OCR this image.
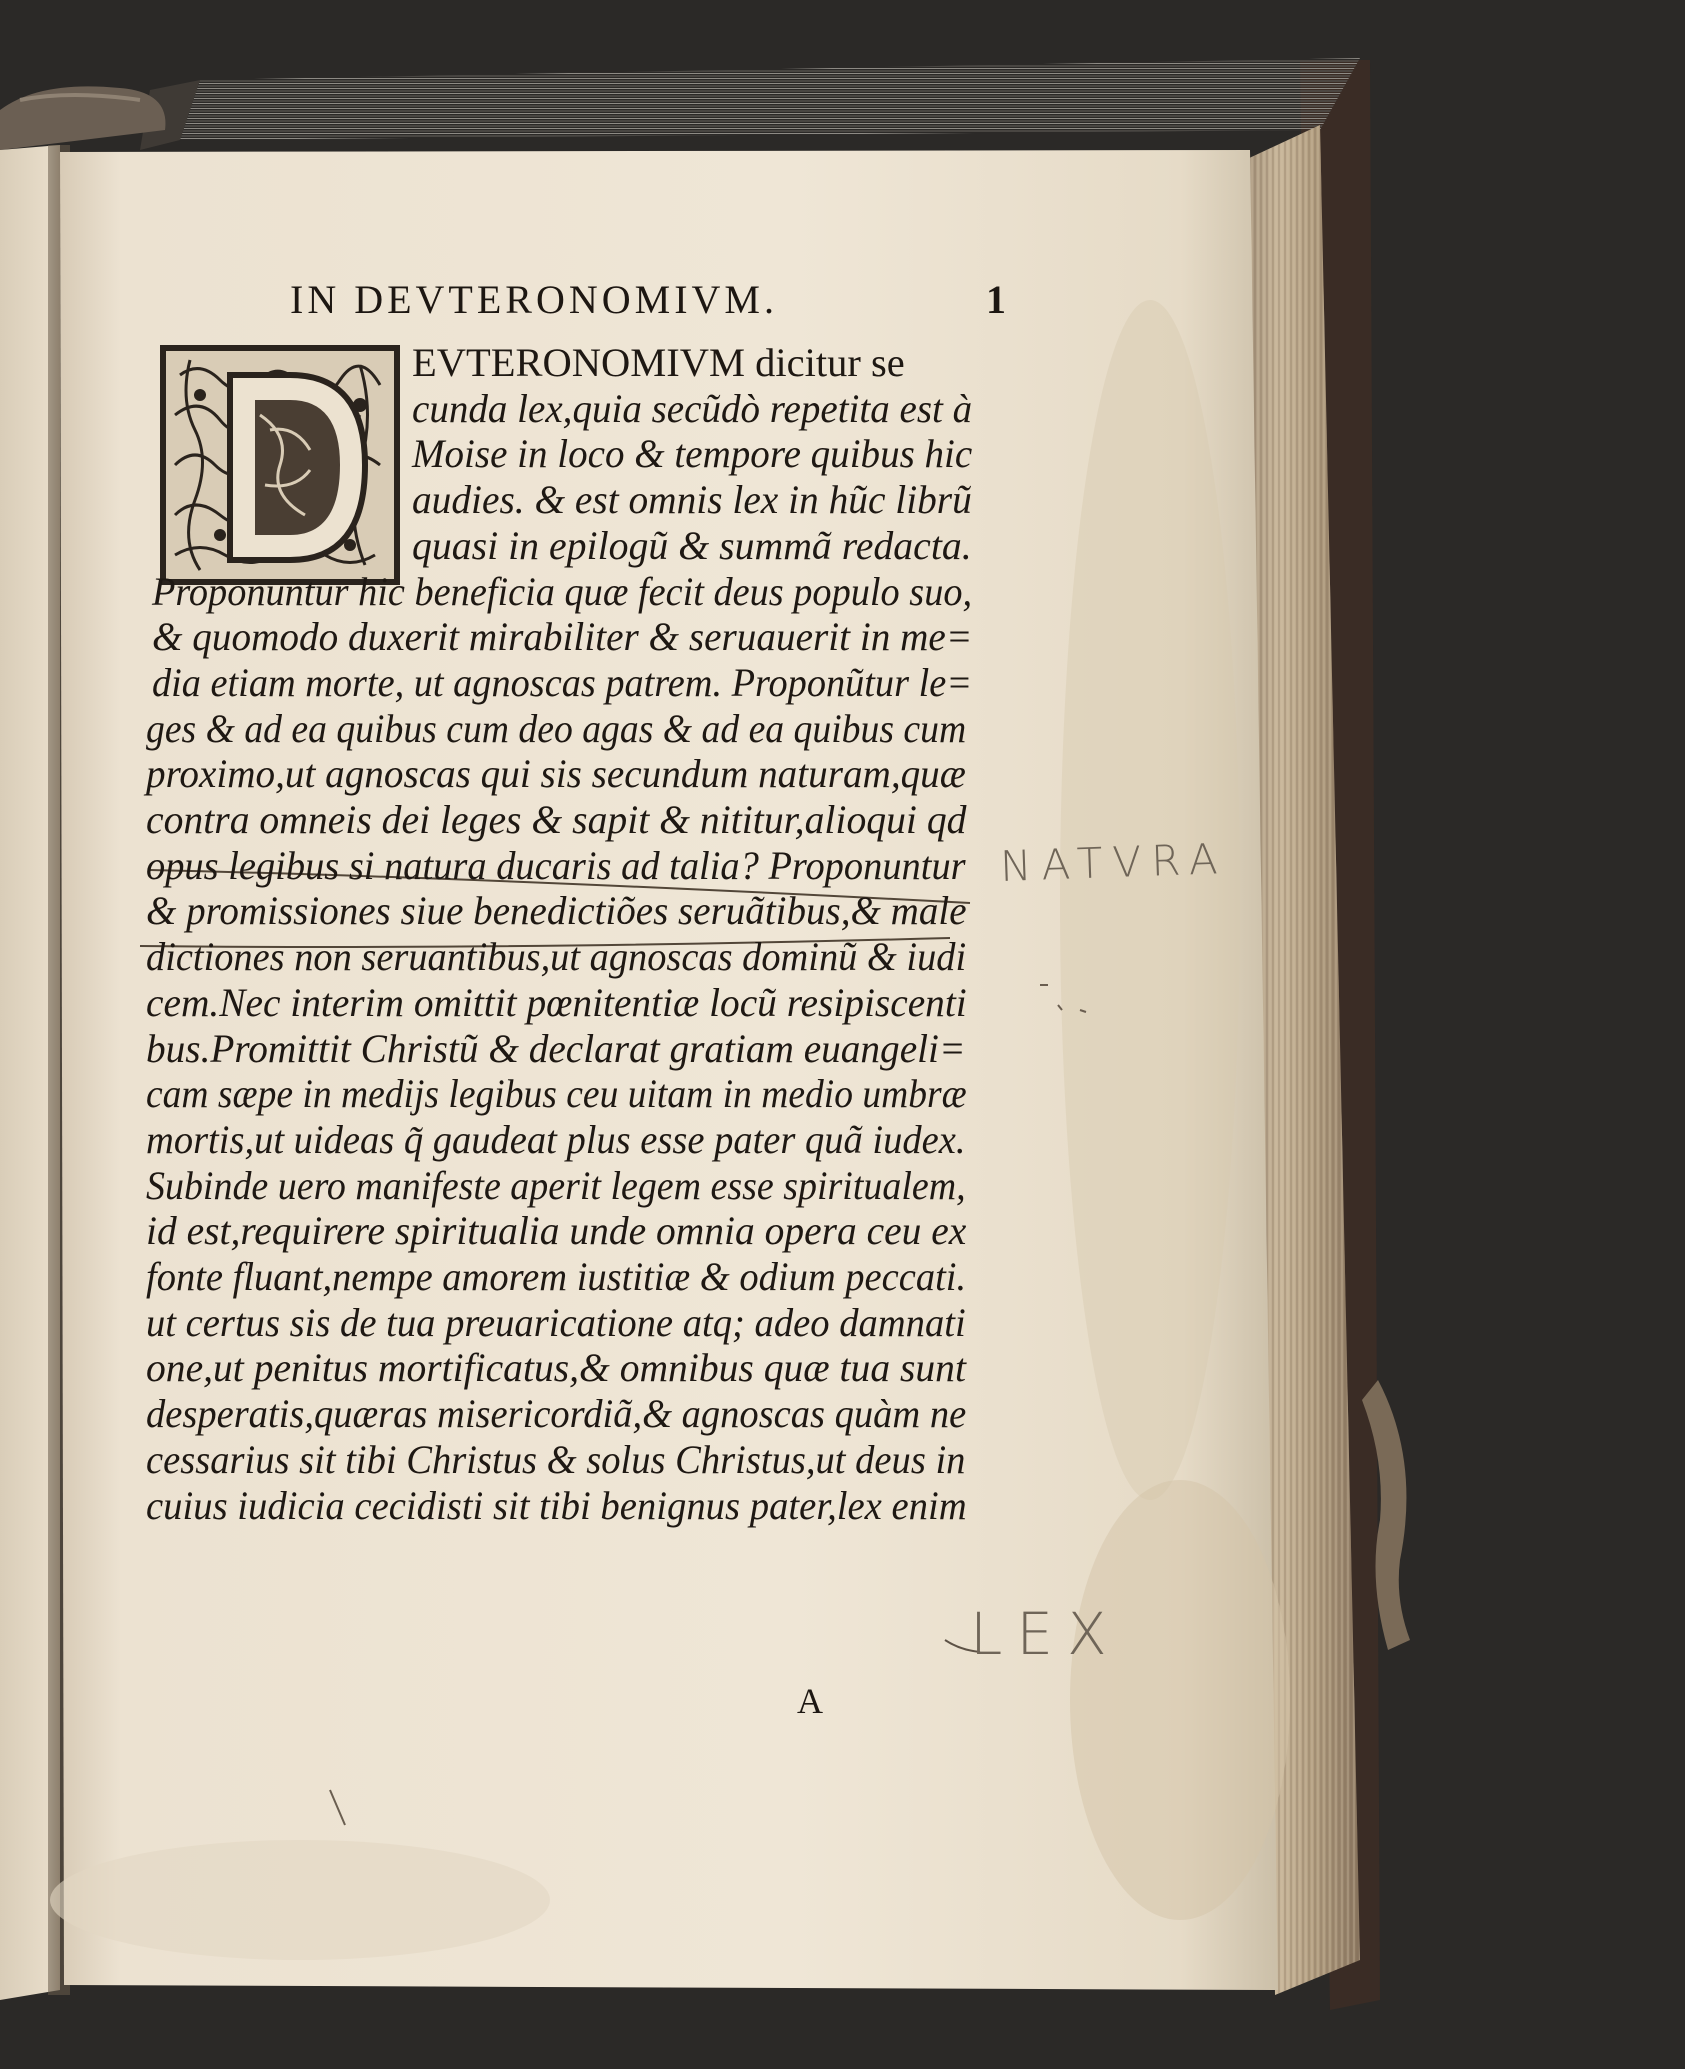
IN DEVTERONOMIVM.	1
EVTERONOMIVM dicitur se
cunda lex,quia secũdò repetita est à
Moise in loco & tempore quibus hic
audies. & est omnis lex in hũc librũ
quasi in epilogũ & summã redacta.
Proponuntur hic beneficia quæ fecit deus populo suo,
& quomodo duxerit mirabiliter & seruauerit in me=
dia etiam morte, ut agnoscas patrem. Proponũtur le=
ges & ad ea quibus cum deo agas & ad ea quibus cum
proximo,ut agnoscas qui sis secundum naturam,quæ
contra omneis dei leges & sapit & nititur,alioqui qd
opus legibus si natura ducaris ad talia? Proponuntur
& promissiones siue benedictiões seruãtibus,& male
dictiones non seruantibus,ut agnoscas dominũ & iudi
cem.Nec interim omittit pœnitentiæ locũ resipiscenti
bus.Promittit Christũ & declarat gratiam euangeli=
cam sæpe in medijs legibus ceu uitam in medio umbræ
mortis,ut uideas q̃ gaudeat plus esse pater quã iudex.
Subinde uero manifeste aperit legem esse spiritualem,
id est,requirere spiritualia unde omnia opera ceu ex
fonte fluant,nempe amorem iustitiæ & odium peccati.
ut certus sis de tua preuaricatione atq; adeo damnati
one,ut penitus mortificatus,& omnibus quæ tua sunt
desperatis,quæras misericordiã,& agnoscas quàm ne
cessarius sit tibi Christus & solus Christus,ut deus in
cuius iudicia cecidisti sit tibi benignus pater,lex enim
A
NATVRA
LEX
